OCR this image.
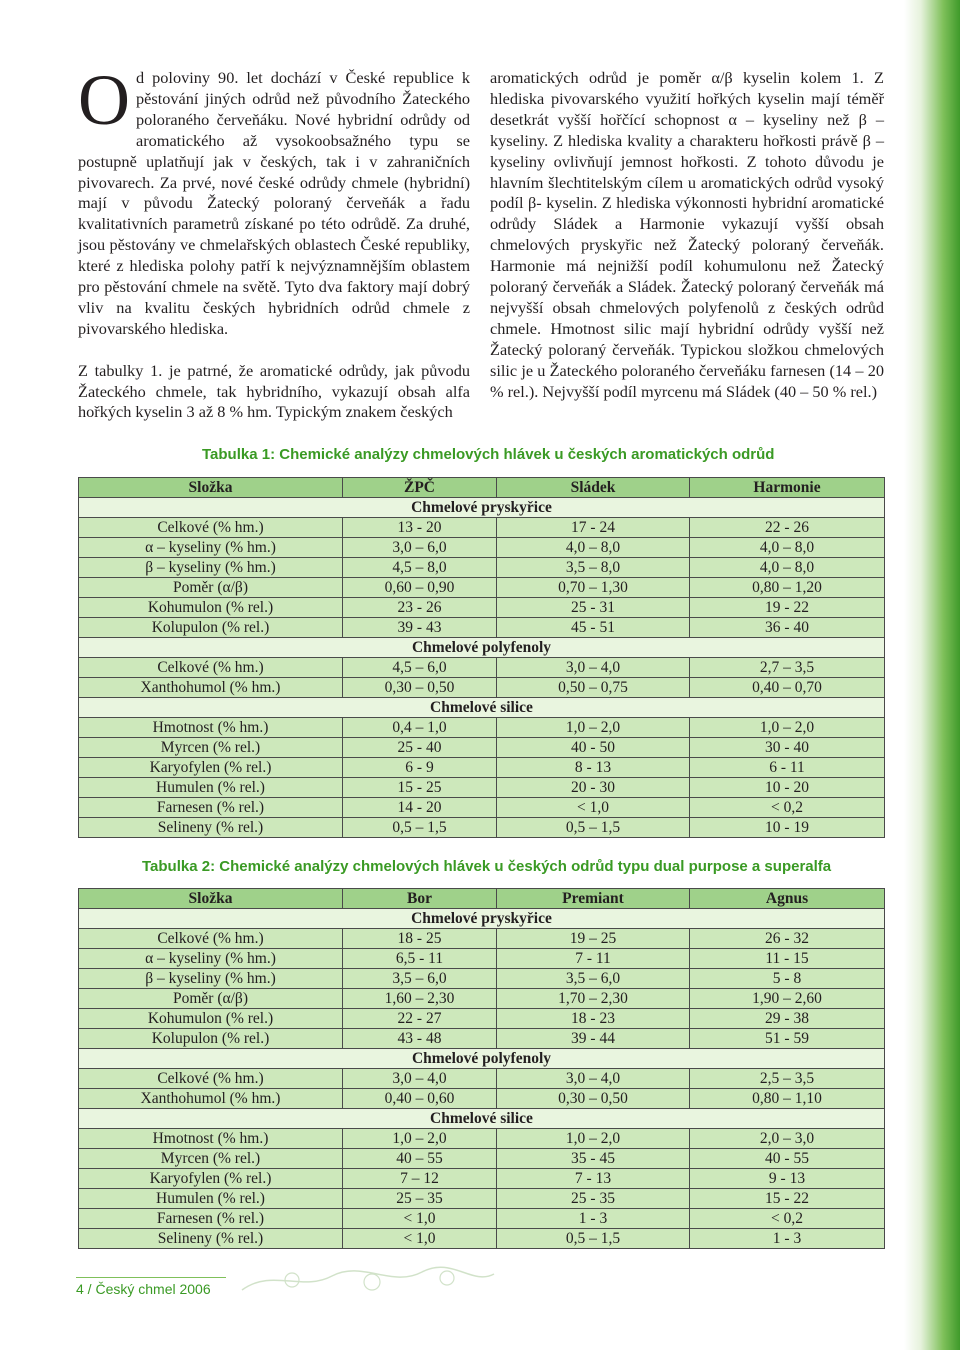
Od poloviny 90. let dochází v České republice k pěstování jiných odrůd než původního Žateckého poloraného červeňáku. Nové hybridní odrůdy od aromatického až vysokoobsažného typu se postupně uplatňují jak v českých, tak i v zahraničních pivovarech. Za prvé, nové české odrůdy chmele (hybridní) mají v původu Žatecký poloraný červeňák a řadu kvalitativních parametrů získané po této odrůdě. Za druhé, jsou pěstovány ve chmelařských oblastech České republiky, které z hlediska polohy patří k nejvýznamnějším oblastem pro pěstování chmele na světě. Tyto dva faktory mají dobrý vliv na kvalitu českých hybridních odrůd chmele z pivovarského hlediska.

Z tabulky 1. je patrné, že aromatické odrůdy, jak původu Žateckého chmele, tak hybridního, vykazují obsah alfa hořkých kyselin 3 až 8 % hm. Typickým znakem českých

Tabulka 1: Chemické analýzy chmelových hlávek u českých aromatických odrůd
Složka	ŽPČ	Sládek	Harmonie
Chmelové pryskyřice			
Celkové (% hm.)	13 - 20	17 - 24	22 - 26
α – kyseliny (% hm.)	3,0 – 6,0	4,0 – 8,0	4,0 – 8,0
β – kyseliny (% hm.)	4,5 – 8,0	3,5 – 8,0	4,0 – 8,0
Poměr (α/β)	0,60 – 0,90	0,70 – 1,30	0,80 – 1,20
Kohumulon (% rel.)	23 - 26	25 - 31	19 - 22
Kolupulon (% rel.)	39 - 43	45 - 51	36 - 40
Chmelové polyfenoly			
Celkové (% hm.)	4,5 – 6,0	3,0 – 4,0	2,7 – 3,5
Xanthohumol (% hm.)	0,30 – 0,50	0,50 – 0,75	0,40 – 0,70
Chmelové silice			
Hmotnost (% hm.)	0,4 – 1,0	1,0 – 2,0	1,0 – 2,0
Myrcen (% rel.)	25 - 40	40 - 50	30 - 40
Karyofylen (% rel.)	6 - 9	8 - 13	6 - 11
Humulen (% rel.)	15 - 25	20 - 30	10 - 20
Farnesen (% rel.)	14 - 20	< 1,0	< 0,2
Selineny (% rel.)	0,5 – 1,5	0,5 – 1,5	10 - 19
Tabulka 2: Chemické analýzy chmelových hlávek u českých odrůd typu dual purpose a superalfa
Složka	Bor	Premiant	Agnus
Chmelové pryskyřice			
Celkové (% hm.)	18 - 25	19 – 25	26 - 32
α – kyseliny (% hm.)	6,5 - 11	7 - 11	11 - 15
β – kyseliny (% hm.)	3,5 – 6,0	3,5 – 6,0	5 - 8
Poměr (α/β)	1,60 – 2,30	1,70 – 2,30	1,90 – 2,60
Kohumulon (% rel.)	22 - 27	18 - 23	29 - 38
Kolupulon (% rel.)	43 - 48	39 - 44	51 - 59
Chmelové polyfenoly			
Celkové (% hm.)	3,0 – 4,0	3,0 – 4,0	2,5 – 3,5
Xanthohumol (% hm.)	0,40 – 0,60	0,30 – 0,50	0,80 – 1,10
Chmelové silice			
Hmotnost (% hm.)	1,0 – 2,0	1,0 – 2,0	2,0 – 3,0
Myrcen (% rel.)	40 – 55	35 - 45	40 - 55
Karyofylen (% rel.)	7 – 12	7 - 13	9 - 13
Humulen (% rel.)	25 – 35	25 - 35	15 - 22
Farnesen (% rel.)	< 1,0	1 - 3	< 0,2
Selineny (% rel.)	< 1,0	0,5 – 1,5	1 - 3
4 / Český chmel 2006

aromatických odrůd je poměr α/β kyselin kolem 1. Z hlediska pivovarského využití hořkých kyselin mají téměř desetkrát vyšší hořčící schopnost α – kyseliny než β – kyseliny. Z hlediska kvality a charakteru hořkosti právě β – kyseliny ovlivňují jemnost hořkosti. Z tohoto důvodu je hlavním šlechtitelským cílem u aromatických odrůd vysoký podíl β- kyselin. Z hlediska výkonnosti hybridní aromatické odrůdy Sládek a Harmonie vykazují vyšší obsah chmelových pryskyřic než Žatecký poloraný červeňák. Harmonie má nejnižší podíl kohumulonu než Žatecký poloraný červeňák a Sládek. Žatecký poloraný červeňák má nejvyšší obsah chmelových polyfenolů z českých odrůd chmele. Hmotnost silic mají hybridní odrůdy vyšší než Žatecký poloraný červeňák. Typickou složkou chmelových silic je u Žateckého poloraného červeňáku farnesen (14 – 20 % rel.). Nejvyšší podíl myrcenu má Sládek (40 – 50 % rel.)
